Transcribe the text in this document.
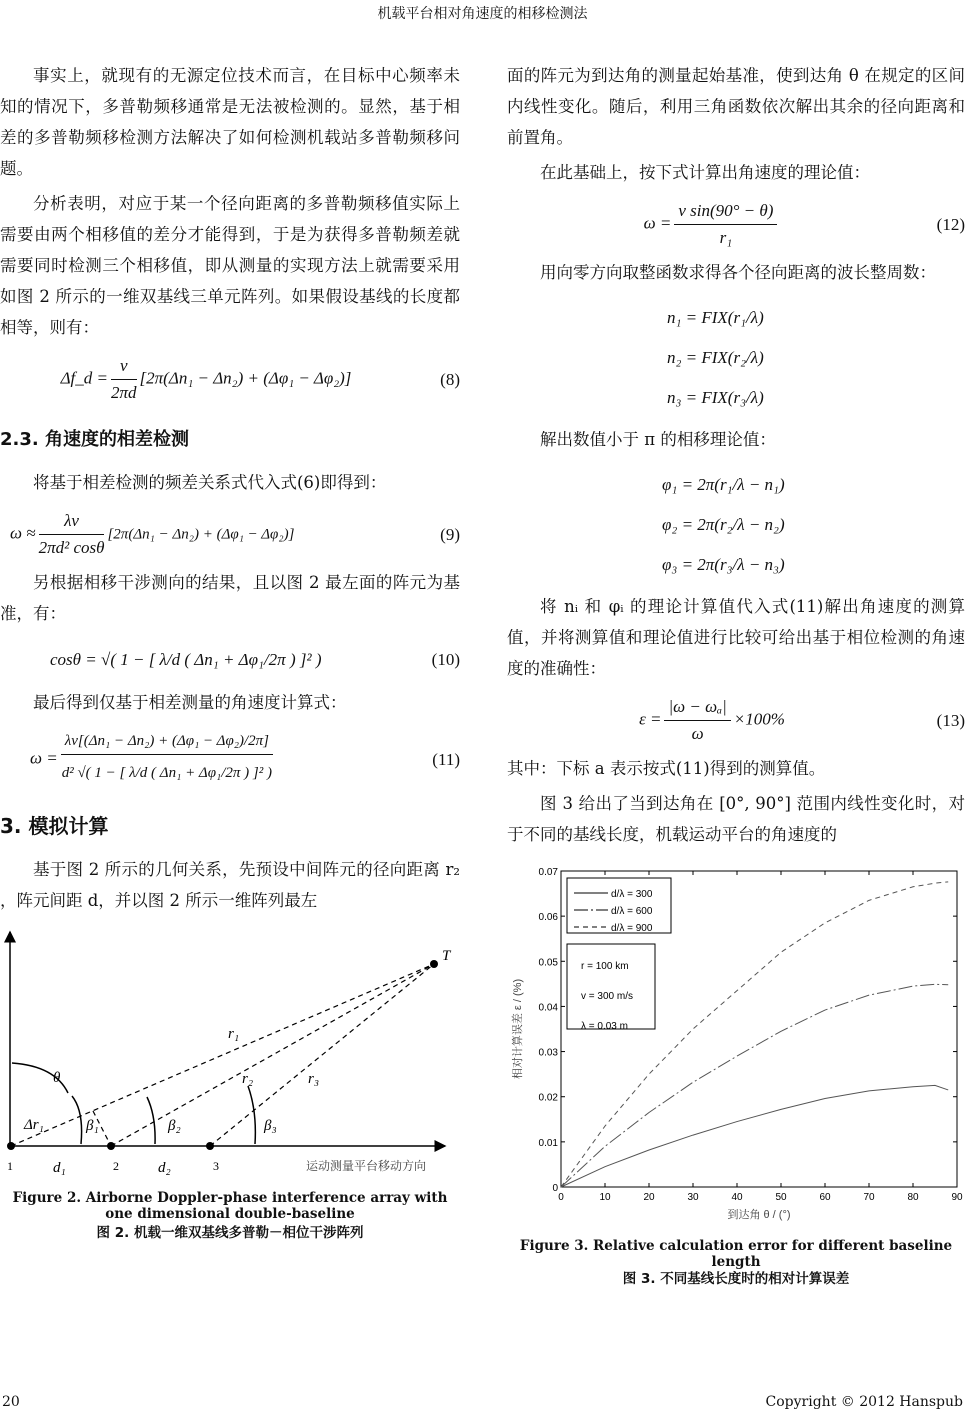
机载平台相对角速度的相移检测法

事实上，就现有的无源定位技术而言，在目标中心频率未知的情况下，多普勒频移通常是无法被检测的。显然，基于相差的多普勒频移检测方法解决了如何检测机载站多普勒频移问题。

分析表明，对应于某一个径向距离的多普勒频移值实际上需要由两个相移值的差分才能得到，于是为获得多普勒频差就需要同时检测三个相移值，即从测量的实现方法上就需要采用如图 2 所示的一维双基线三单元阵列。如果假设基线的长度都相等，则有：

Δf_d = $\frac{v}{2\pi d} [2\pi(\Delta n_1 - \Delta n_2) + (\Delta\varphi_1 - \Delta\varphi_2)]$	(8)
2.3. 角速度的相差检测

将基于相差检测的频差关系式代入式(6)即得到：

$\omega \approx \frac{\lambda v}{\text{2πd² cosθ}} [2\pi(\Delta n_1 - \Delta n_2) + (\Delta\varphi_1 - \Delta\varphi_2)]$	(9)

另根据相移干涉测向的结果，且以图 2 最左面的阵元为基准，有：

cosθ = √( 1 − [ λ/d ( Δn₁ + Δφ₁/2π ) ]² )	(10)

最后得到仅基于相差测量的角速度计算式：

$\omega = \frac{\text{λv[(Δn₁ − Δn₂) + (Δφ₁ − Δφ₂)/2π]}}{\text{d² √( 1 − [ λ/d ( Δn₁ + Δφ₁/2π ) ]² )}}$	(11)
3. 模拟计算

基于图 2 所示的几何关系，先预设中间阵元的径向距离 r₂ ，阵元间距 d，并以图 2 所示一维阵列最左

T
r₁
r₂	r₃
θ
Δr₁	β₁	β₂	β₃
d₁	d₂
1	2	3	运动测量平台移动方向
Figure 2. Airborne Doppler-phase interference array with one dimensional double-baseline
图 2. 机载一维双基线多普勒－相位干涉阵列

面的阵元为到达角的测量起始基准，使到达角 θ 在规定的区间内线性变化。随后，利用三角函数依次解出其余的径向距离和前置角。

在此基础上，按下式计算出角速度的理论值：

$\omega = \frac{\text{v sin(90° − θ)}}{\text{r₁}}$	(12)

用向零方向取整函数求得各个径向距离的波长整周数：

n₁ = FIX(r₁/λ)
n₂ = FIX(r₂/λ)
n₃ = FIX(r₃/λ)

解出数值小于 π 的相移理论值：

φ₁ = 2π(r₁/λ − n₁)
φ₂ = 2π(r₂/λ − n₂)
φ₃ = 2π(r₃/λ − n₃)

将 nᵢ 和 φᵢ 的理论计算值代入式(11)解出角速度的测算值，并将测算值和理论值进行比较可给出基于相位检测的角速度的准确性：

$\varepsilon = \frac{\text{|ω − ωₐ|}}{\omega} \times 100\%$	(13)

其中：下标 a 表示按式(11)得到的测算值。

图 3 给出了当到达角在 [0°, 90°] 范围内线性变化时，对于不同的基线长度，机载运动平台的角速度的

0	10	20	30	40	50	60	70	80	90
0
0.01
0.02
0.03
0.04
0.05
0.06
0.07
到达角 θ / (°)
相对计算误差 ε / (%)
d/λ = 300
d/λ = 600
d/λ = 900
r = 100 km
v = 300 m/s
λ = 0.03 m
Figure 3. Relative calculation error for different baseline length
图 3. 不同基线长度时的相对计算误差
20	Copyright © 2012 Hanspub
